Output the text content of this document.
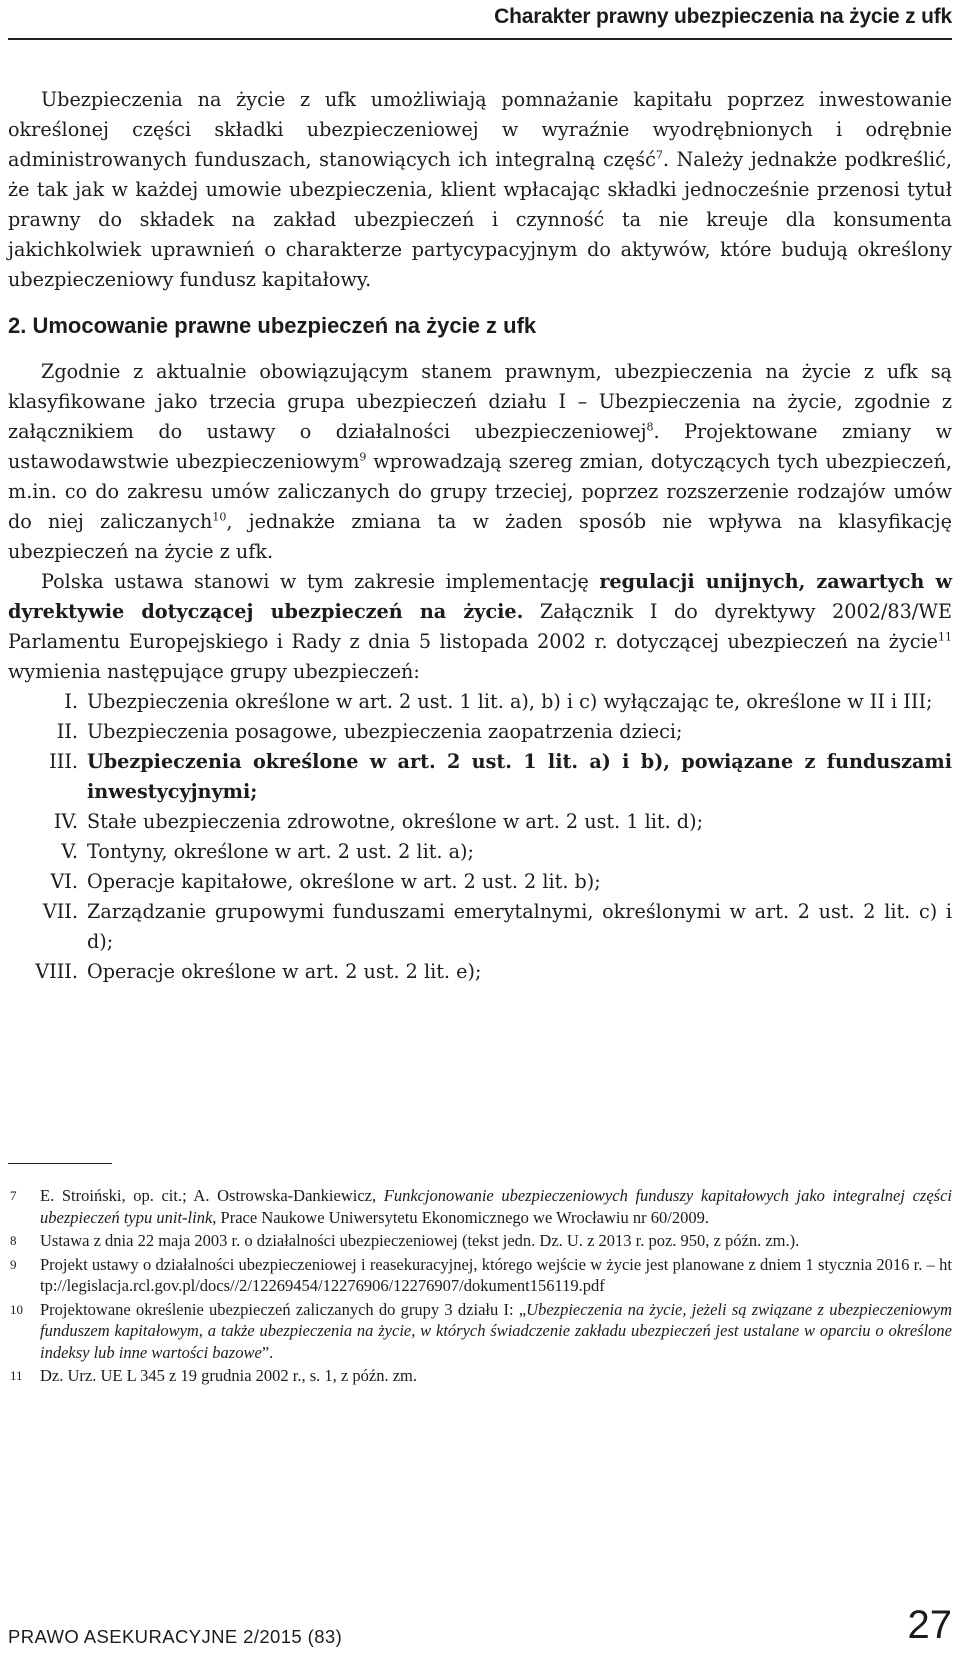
Charakter prawny ubezpieczenia na życie z ufk

Ubezpieczenia na życie z ufk umożliwiają pomnażanie kapitału poprzez inwestowanie określonej części składki ubezpieczeniowej w wyraźnie wyodrębnionych i odrębnie administrowanych funduszach, stanowiących ich integralną część$^7$. Należy jednakże podkreślić, że tak jak w każdej umowie ubezpieczenia, klient wpłacając składki jednocześnie przenosi tytuł prawny do składek na zakład ubezpieczeń i czynność ta nie kreuje dla konsumenta jakichkolwiek uprawnień o charakterze partycypacyjnym do aktywów, które budują określony ubezpieczeniowy fundusz kapitałowy.

2. Umocowanie prawne ubezpieczeń na życie z ufk

Zgodnie z aktualnie obowiązującym stanem prawnym, ubezpieczenia na życie z ufk są klasyfikowane jako trzecia grupa ubezpieczeń działu I – Ubezpieczenia na życie, zgodnie z załącznikiem do ustawy o działalności ubezpieczeniowej$^8$. Projektowane zmiany w ustawodawstwie ubezpieczeniowym$^9$ wprowadzają szereg zmian, dotyczących tych ubezpieczeń, m.in. co do zakresu umów zaliczanych do grupy trzeciej, poprzez rozszerzenie rodzajów umów do niej zaliczanych$^{10}$, jednakże zmiana ta w żaden sposób nie wpływa na klasyfikację ubezpieczeń na życie z ufk.

Polska ustawa stanowi w tym zakresie implementację regulacji unijnych, zawartych w dyrektywie dotyczącej ubezpieczeń na życie. Załącznik I do dyrektywy 2002/83/WE Parlamentu Europejskiego i Rady z dnia 5 listopada 2002 r. dotyczącej ubezpieczeń na życie$^{11}$ wymienia następujące grupy ubezpieczeń:

I. Ubezpieczenia określone w art. 2 ust. 1 lit. a), b) i c) wyłączając te, określone w II i III;
II. Ubezpieczenia posagowe, ubezpieczenia zaopatrzenia dzieci;
III. Ubezpieczenia określone w art. 2 ust. 1 lit. a) i b), powiązane z funduszami inwestycyjnymi;
IV. Stałe ubezpieczenia zdrowotne, określone w art. 2 ust. 1 lit. d);
V. Tontyny, określone w art. 2 ust. 2 lit. a);
VI. Operacje kapitałowe, określone w art. 2 ust. 2 lit. b);
VII. Zarządzanie grupowymi funduszami emerytalnymi, określonymi w art. 2 ust. 2 lit. c) i d);
VIII. Operacje określone w art. 2 ust. 2 lit. e);
7	E. Stroiński, op. cit.; A. Ostrowska-Dankiewicz, Funkcjonowanie ubezpieczeniowych funduszy kapitałowych jako integralnej części ubezpieczeń typu unit-link, Prace Naukowe Uniwersytetu Ekonomicznego we Wrocławiu nr 60/2009.
8	Ustawa z dnia 22 maja 2003 r. o działalności ubezpieczeniowej (tekst jedn. Dz. U. z 2013 r. poz. 950, z późn. zm.).
9	Projekt ustawy o działalności ubezpieczeniowej i reasekuracyjnej, którego wejście w życie jest planowane z dniem 1 stycznia 2016 r. – http://legislacja.rcl.gov.pl/docs//2/12269454/12276906/12276907/dokument156119.pdf
10	Projektowane określenie ubezpieczeń zaliczanych do grupy 3 działu I: „Ubezpieczenia na życie, jeżeli są związane z ubezpieczeniowym funduszem kapitałowym, a także ubezpieczenia na życie, w których świadczenie zakładu ubezpieczeń jest ustalane w oparciu o określone indeksy lub inne wartości bazowe”.
11	Dz. Urz. UE L 345 z 19 grudnia 2002 r., s. 1, z późn. zm.
PRAWO ASEKURACYJNE 2/2015 (83)	27
